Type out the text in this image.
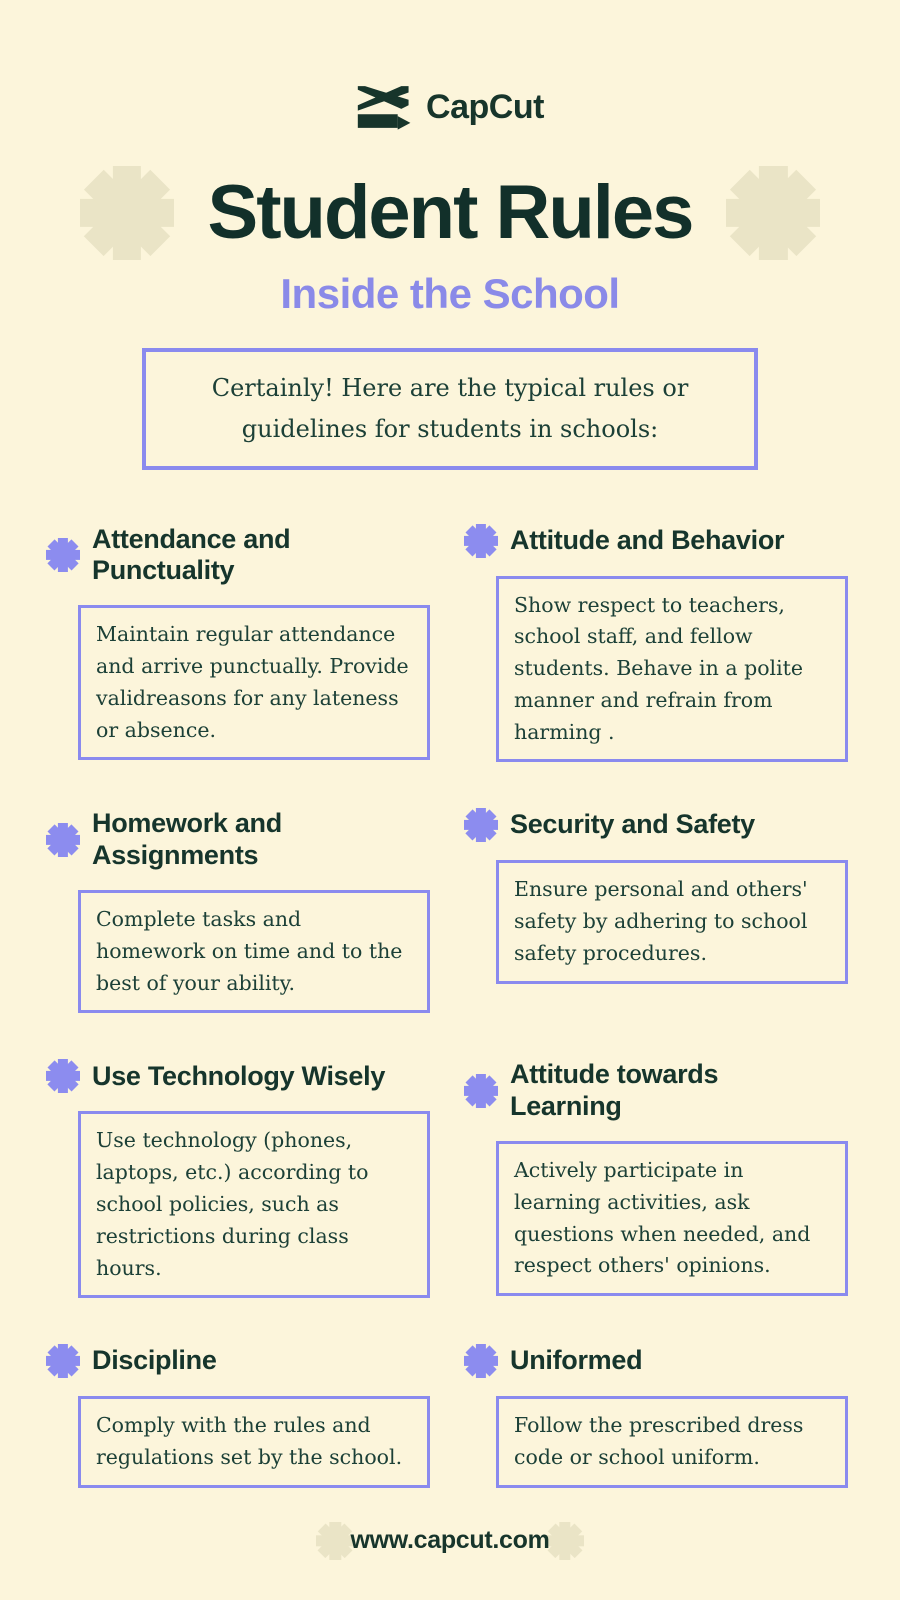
CapCut
Student Rules
Inside the School
Certainly! Here are the typical rules or guidelines for students in schools:
Attendance and Punctuality
Maintain regular attendance and arrive punctually. Provide validreasons for any lateness or absence.
Attitude and Behavior
Show respect to teachers, school staff, and fellow students. Behave in a polite manner and refrain from harming .
Homework and Assignments
Complete tasks and homework on time and to the best of your ability.
Security and Safety
Ensure personal and others' safety by adhering to school safety procedures.
Use Technology Wisely
Use technology (phones, laptops, etc.) according to school policies, such as restrictions during class hours.
Attitude towards Learning
Actively participate in learning activities, ask questions when needed, and respect others' opinions.
Discipline
Comply with the rules and regulations set by the school.
Uniformed
Follow the prescribed dress code or school uniform.
www.capcut.com
